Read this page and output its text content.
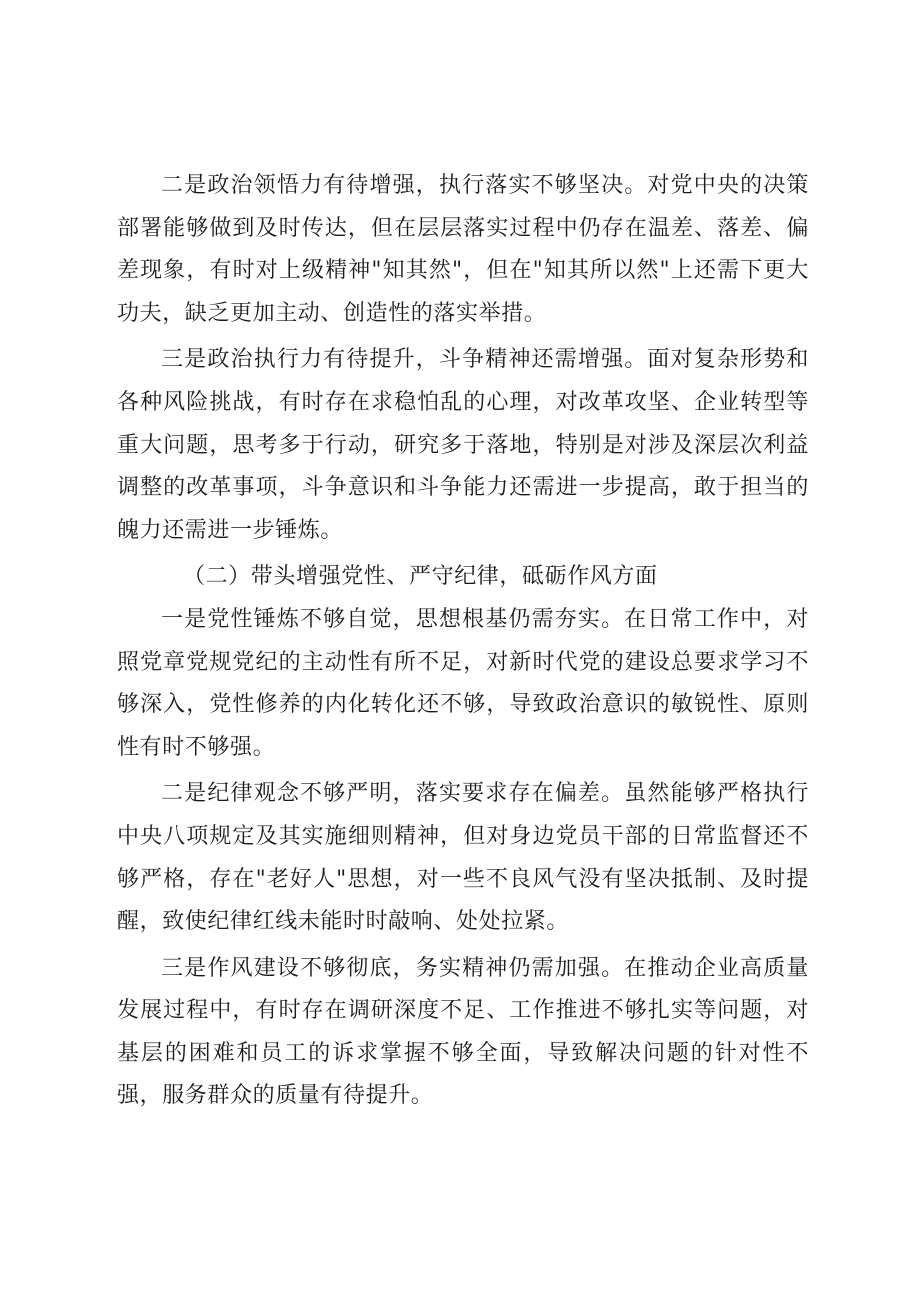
二是政治领悟力有待增强，执行落实不够坚决。对党中央的决策部署能够做到及时传达，但在层层落实过程中仍存在温差、落差、偏差现象，有时对上级精神"知其然"，但在"知其所以然"上还需下更大功夫，缺乏更加主动、创造性的落实举措。

三是政治执行力有待提升，斗争精神还需增强。面对复杂形势和各种风险挑战，有时存在求稳怕乱的心理，对改革攻坚、企业转型等重大问题，思考多于行动，研究多于落地，特别是对涉及深层次利益调整的改革事项，斗争意识和斗争能力还需进一步提高，敢于担当的魄力还需进一步锤炼。

（二）带头增强党性、严守纪律，砥砺作风方面

一是党性锤炼不够自觉，思想根基仍需夯实。在日常工作中，对照党章党规党纪的主动性有所不足，对新时代党的建设总要求学习不够深入，党性修养的内化转化还不够，导致政治意识的敏锐性、原则性有时不够强。

二是纪律观念不够严明，落实要求存在偏差。虽然能够严格执行中央八项规定及其实施细则精神，但对身边党员干部的日常监督还不够严格，存在"老好人"思想，对一些不良风气没有坚决抵制、及时提醒，致使纪律红线未能时时敲响、处处拉紧。

三是作风建设不够彻底，务实精神仍需加强。在推动企业高质量发展过程中，有时存在调研深度不足、工作推进不够扎实等问题，对基层的困难和员工的诉求掌握不够全面，导致解决问题的针对性不强，服务群众的质量有待提升。
